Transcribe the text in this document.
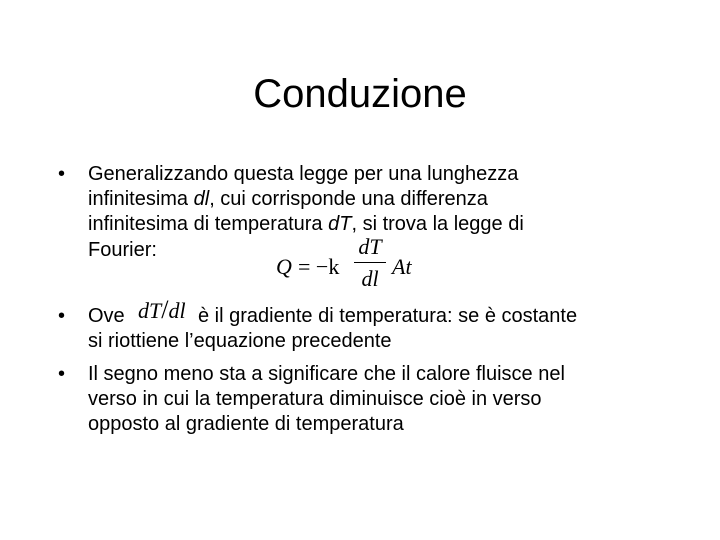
Conduzione
• Generalizzando questa legge per una lunghezza
infinitesima dl, cui corrisponde una differenza
infinitesima di temperatura dT, si trova la legge di
Fourier:
Q = −k
dT
dl At
• Ove dT/dl è il gradiente di temperatura: se è costante
si riottiene l’equazione precedente
• Il segno meno sta a significare che il calore fluisce nel
verso in cui la temperatura diminuisce cioè in verso
opposto al gradiente di temperatura
